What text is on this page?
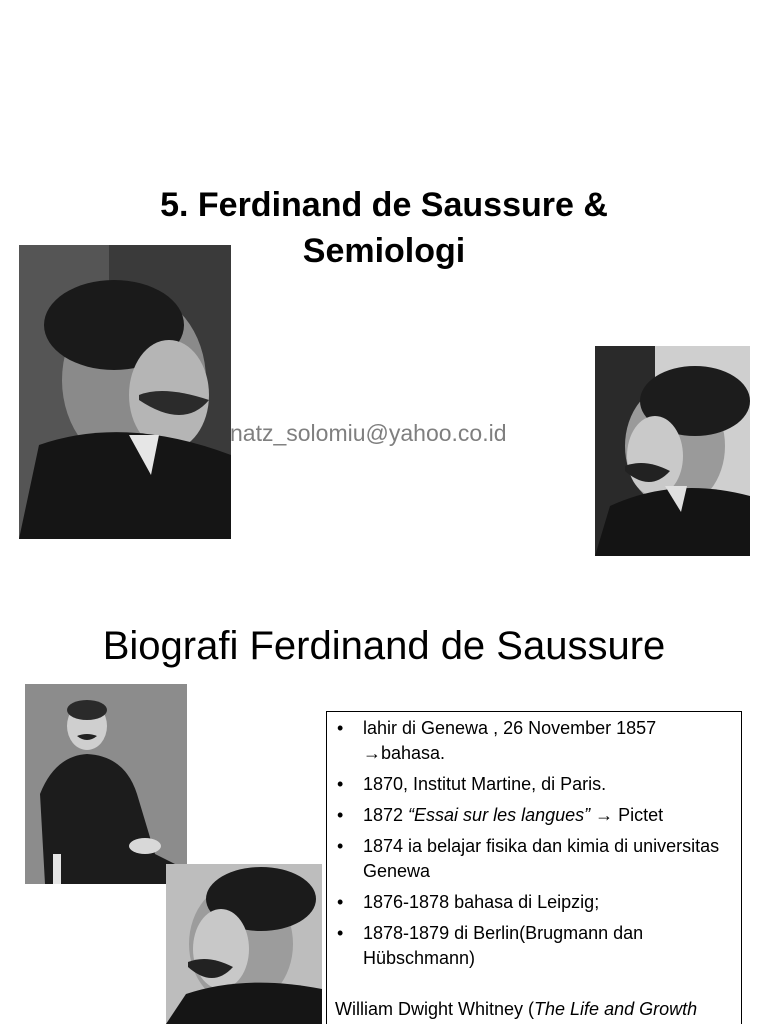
5. Ferdinand de Saussure &
Semiologi
natz_solomiu@yahoo.co.id
Biografi Ferdinand de Saussure
• lahir di Genewa , 26 November 1857
→bahasa.
• 1870, Institut Martine, di Paris.
• 1872 “Essai sur les langues” → Pictet
• 1874 ia belajar fisika dan kimia di universitas Genewa
• 1876-1878 bahasa di Leipzig;
• 1878-1879 di Berlin(Brugmann dan Hübschmann)
William Dwight Whitney (The Life and Growth
